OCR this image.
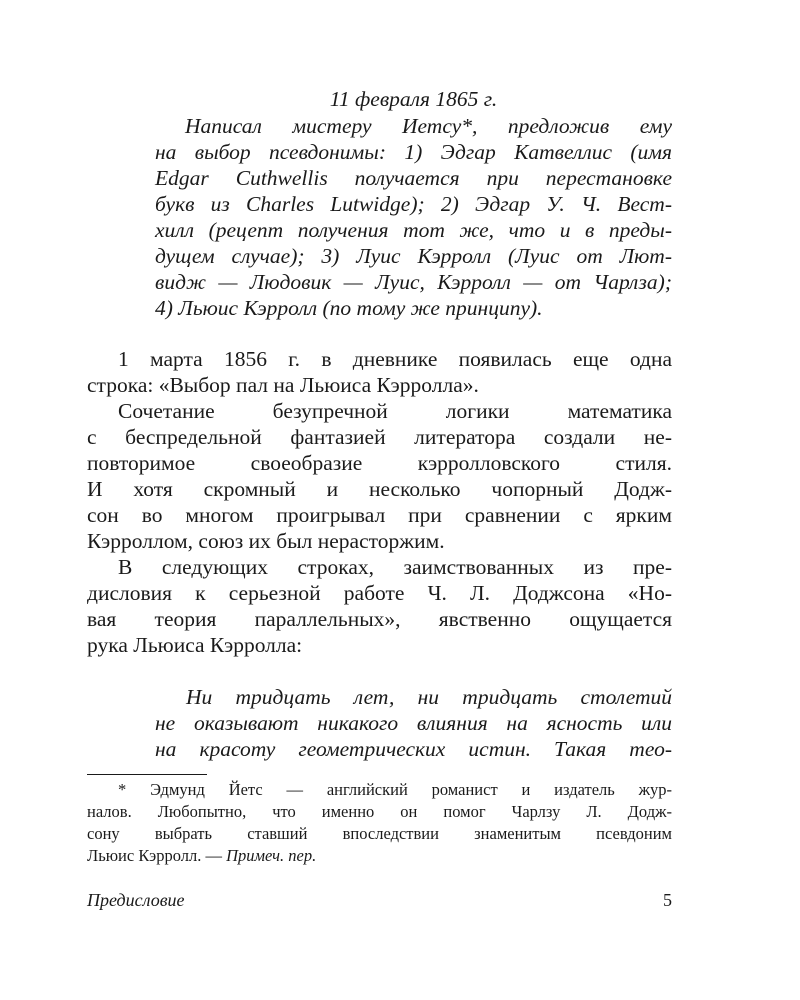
11 февраля 1865 г.
Написал мистеру Иетсу*, предложив ему
на выбор псевдонимы: 1) Эдгар Катвеллис (имя
Edgar Cuthwellis получается при перестановке
букв из Charles Lutwidge); 2) Эдгар У. Ч. Вест-
хилл (рецепт получения тот же, что и в преды-
дущем случае); 3) Луис Кэрролл (Луис от Лют-
видж — Людовик — Луис, Кэрролл — от Чарлза);
4) Льюис Кэрролл (по тому же принципу).
1 марта 1856 г. в дневнике появилась еще одна
строка: «Выбор пал на Льюиса Кэрролла».
Сочетание безупречной логики математика
с беспредельной фантазией литератора создали не-
повторимое своеобразие кэрролловского стиля.
И хотя скромный и несколько чопорный Додж-
сон во многом проигрывал при сравнении с ярким
Кэрроллом, союз их был нерасторжим.
В следующих строках, заимствованных из пре-
дисловия к серьезной работе Ч. Л. Доджсона «Но-
вая теория параллельных», явственно ощущается
рука Льюиса Кэрролла:
Ни тридцать лет, ни тридцать столетий
не оказывают никакого влияния на ясность или
на красоту геометрических истин. Такая тео-
* Эдмунд Йетс — английский романист и издатель жур-
налов. Любопытно, что именно он помог Чарлзу Л. Додж-
сону выбрать ставший впоследствии знаменитым псевдоним
Льюис Кэрролл. — Примеч. пер.
Предисловие	5
